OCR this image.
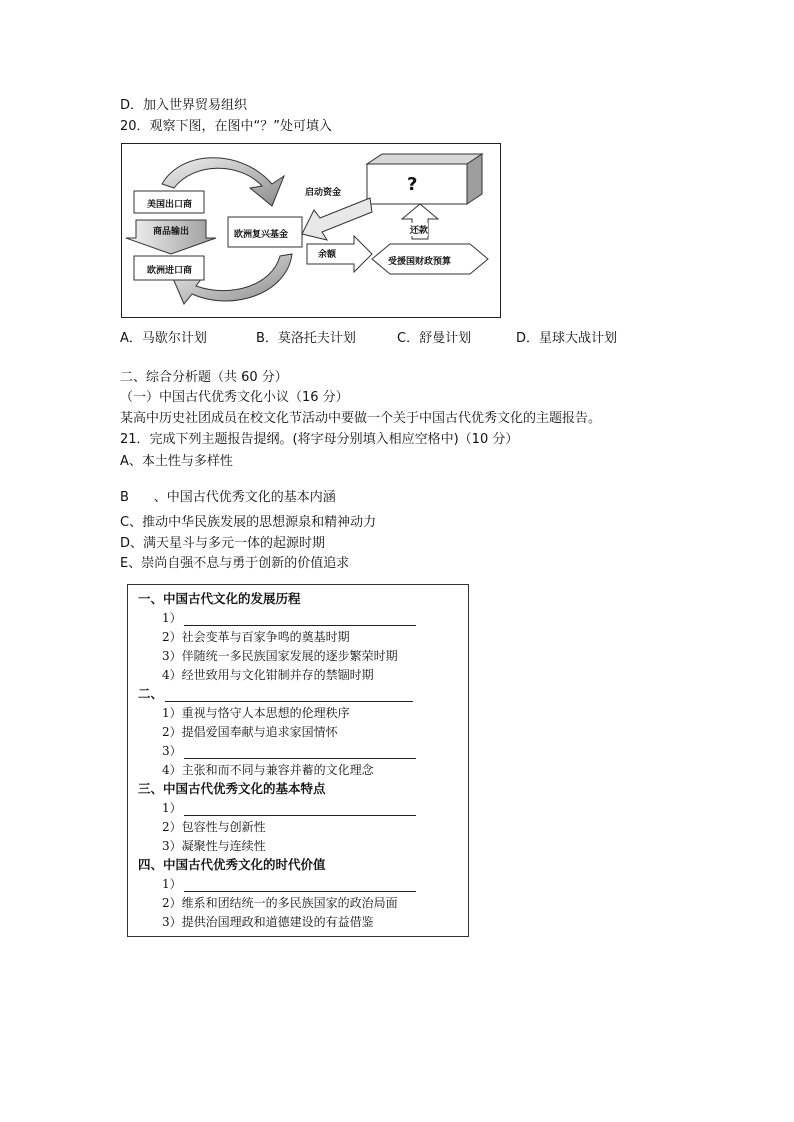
D．加入世界贸易组织
20．观察下图，在图中“？”处可填入
美国出口商
商品输出
欧洲进口商
欧洲复兴基金
启动资金
余额
还款
受援国财政预算
?
A．马歇尔计划	B．莫洛托夫计划	C．舒曼计划	D．星球大战计划
二、综合分析题（共 60 分）
（一）中国古代优秀文化小议（16 分）
某高中历史社团成员在校文化节活动中要做一个关于中国古代优秀文化的主题报告。
21．完成下列主题报告提纲。(将字母分别填入相应空格中)（10 分）
A、本土性与多样性
B      、中国古代优秀文化的基本内涵
C、推动中华民族发展的思想源泉和精神动力
D、满天星斗与多元一体的起源时期
E、崇尚自强不息与勇于创新的价值追求
一、中国古代文化的发展历程
1）
2）社会变革与百家争鸣的奠基时期
3）伴随统一多民族国家发展的逐步繁荣时期
4）经世致用与文化钳制并存的禁锢时期
二、
1）重视与恪守人本思想的伦理秩序
2）提倡爱国奉献与追求家国情怀
3）
4）主张和而不同与兼容并蓄的文化理念
三、中国古代优秀文化的基本特点
1）
2）包容性与创新性
3）凝聚性与连续性
四、中国古代优秀文化的时代价值
1）
2）维系和团结统一的多民族国家的政治局面
3）提供治国理政和道德建设的有益借鉴
